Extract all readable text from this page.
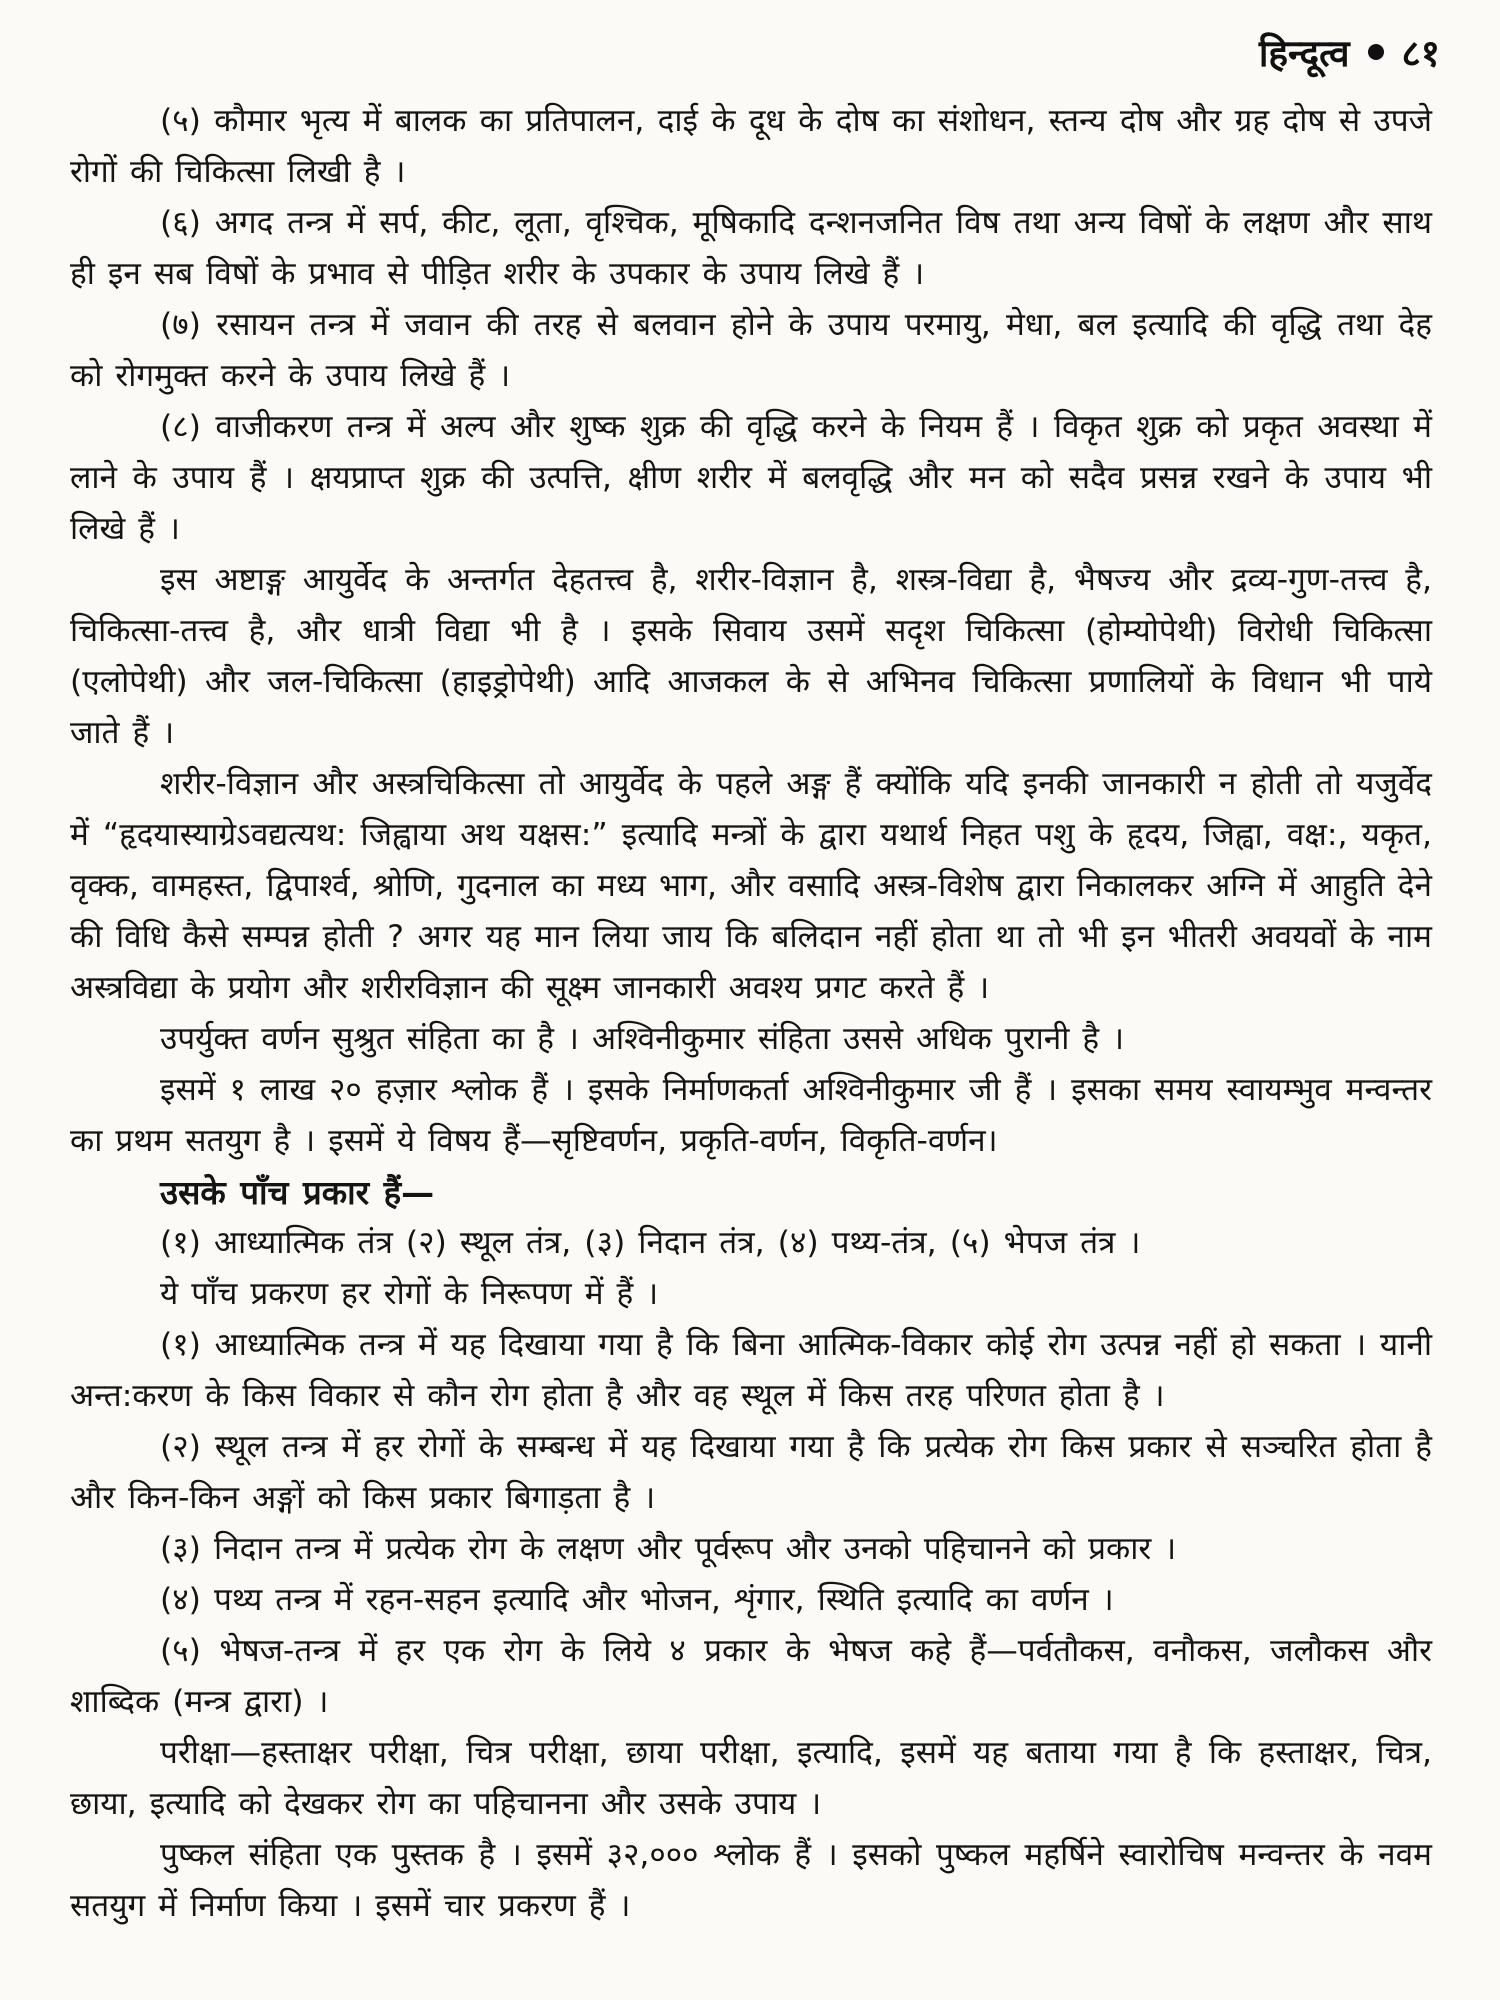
हिन्दूत्व ८१

(५) कौमार भृत्य में बालक का प्रतिपालन, दाई के दूध के दोष का संशोधन, स्तन्य दोष और ग्रह दोष से उपजे रोगों की चिकित्सा लिखी है ।

(६) अगद तन्त्र में सर्प, कीट, लूता, वृश्चिक, मूषिकादि दन्शनजनित विष तथा अन्य विषों के लक्षण और साथ ही इन सब विषों के प्रभाव से पीड़ित शरीर के उपकार के उपाय लिखे हैं ।

(७) रसायन तन्त्र में जवान की तरह से बलवान होने के उपाय परमायु, मेधा, बल इत्यादि की वृद्धि तथा देह को रोगमुक्त करने के उपाय लिखे हैं ।

(८) वाजीकरण तन्त्र में अल्प और शुष्क शुक्र की वृद्धि करने के नियम हैं । विकृत शुक्र को प्रकृत अवस्था में लाने के उपाय हैं । क्षयप्राप्त शुक्र की उत्पत्ति, क्षीण शरीर में बलवृद्धि और मन को सदैव प्रसन्न रखने के उपाय भी लिखे हैं ।

इस अष्टाङ्ग आयुर्वेद के अन्तर्गत देहतत्त्व है, शरीर-विज्ञान है, शस्त्र-विद्या है, भैषज्य और द्रव्य-गुण-तत्त्व है, चिकित्सा-तत्त्व है, और धात्री विद्या भी है । इसके सिवाय उसमें सदृश चिकित्सा (होम्योपेथी) विरोधी चिकित्सा (एलोपेथी) और जल-चिकित्सा (हाइड्रोपेथी) आदि आजकल के से अभिनव चिकित्सा प्रणालियों के विधान भी पाये जाते हैं ।

शरीर-विज्ञान और अस्त्रचिकित्सा तो आयुर्वेद के पहले अङ्ग हैं क्योंकि यदि इनकी जानकारी न होती तो यजुर्वेद में “हृदयास्याग्रेऽवद्यत्यथ: जिह्वाया अथ यक्षस:” इत्यादि मन्त्रों के द्वारा यथार्थ निहत पशु के हृदय, जिह्वा, वक्ष:, यकृत, वृक्क, वामहस्त, द्विपार्श्व, श्रोणि, गुदनाल का मध्य भाग, और वसादि अस्त्र-विशेष द्वारा निकालकर अग्नि में आहुति देने की विधि कैसे सम्पन्न होती ? अगर यह मान लिया जाय कि बलिदान नहीं होता था तो भी इन भीतरी अवयवों के नाम अस्त्रविद्या के प्रयोग और शरीरविज्ञान की सूक्ष्म जानकारी अवश्य प्रगट करते हैं ।

उपर्युक्त वर्णन सुश्रुत संहिता का है । अश्विनीकुमार संहिता उससे अधिक पुरानी है ।

इसमें १ लाख २० हज़ार श्लोक हैं । इसके निर्माणकर्ता अश्विनीकुमार जी हैं । इसका समय स्वायम्भुव मन्वन्तर का प्रथम सतयुग है । इसमें ये विषय हैं—सृष्टिवर्णन, प्रकृति-वर्णन, विकृति-वर्णन।

उसके पाँच प्रकार हैं—

(१) आध्यात्मिक तंत्र (२) स्थूल तंत्र, (३) निदान तंत्र, (४) पथ्य-तंत्र, (५) भेपज तंत्र ।

ये पाँच प्रकरण हर रोगों के निरूपण में हैं ।

(१) आध्यात्मिक तन्त्र में यह दिखाया गया है कि बिना आत्मिक-विकार कोई रोग उत्पन्न नहीं हो सकता । यानी अन्त:करण के किस विकार से कौन रोग होता है और वह स्थूल में किस तरह परिणत होता है ।

(२) स्थूल तन्त्र में हर रोगों के सम्बन्ध में यह दिखाया गया है कि प्रत्येक रोग किस प्रकार से सञ्चरित होता है और किन-किन अङ्गों को किस प्रकार बिगाड़ता है ।

(३) निदान तन्त्र में प्रत्येक रोग के लक्षण और पूर्वरूप और उनको पहिचानने को प्रकार ।

(४) पथ्य तन्त्र में रहन-सहन इत्यादि और भोजन, शृंगार, स्थिति इत्यादि का वर्णन ।

(५) भेषज-तन्त्र में हर एक रोग के लिये ४ प्रकार के भेषज कहे हैं—पर्वतौकस, वनौकस, जलौकस और शाब्दिक (मन्त्र द्वारा) ।

परीक्षा—हस्ताक्षर परीक्षा, चित्र परीक्षा, छाया परीक्षा, इत्यादि, इसमें यह बताया गया है कि हस्ताक्षर, चित्र, छाया, इत्यादि को देखकर रोग का पहिचानना और उसके उपाय ।

पुष्कल संहिता एक पुस्तक है । इसमें ३२,००० श्लोक हैं । इसको पुष्कल महर्षिने स्वारोचिष मन्वन्तर के नवम सतयुग में निर्माण किया । इसमें चार प्रकरण हैं ।
